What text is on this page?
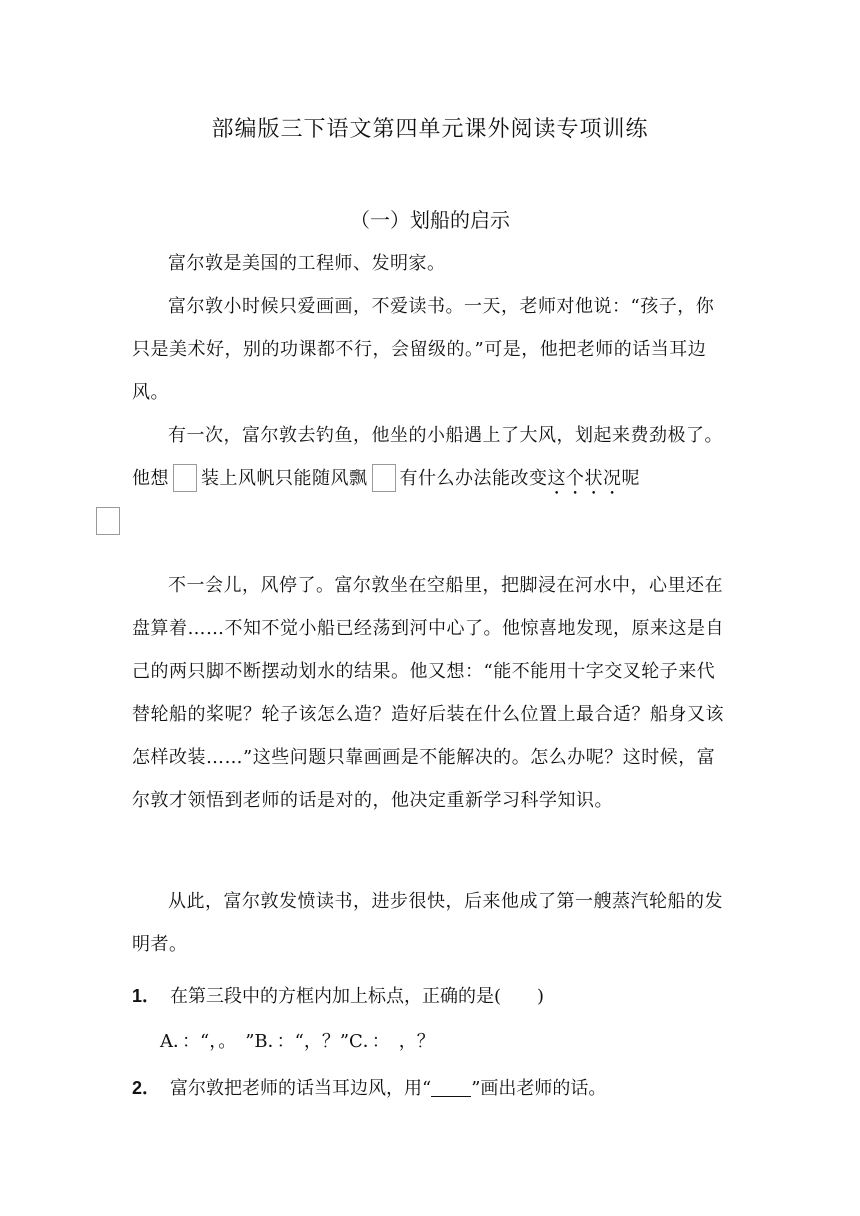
部编版三下语文第四单元课外阅读专项训练
（一）划船的启示

富尔敦是美国的工程师、发明家。

富尔敦小时候只爱画画，不爱读书。一天，老师对他说：“孩子，你只是美术好，别的功课都不行，会留级的。”可是，他把老师的话当耳边风。

有一次，富尔敦去钓鱼，他坐的小船遇上了大风，划起来费劲极了。他想 装上风帆只能随风飘 有什么办法能改变这个状况呢

不一会儿，风停了。富尔敦坐在空船里，把脚浸在河水中，心里还在盘算着……不知不觉小船已经荡到河中心了。他惊喜地发现，原来这是自己的两只脚不断摆动划水的结果。他又想：“能不能用十字交叉轮子来代替轮船的桨呢？轮子该怎么造？造好后装在什么位置上最合适？船身又该怎样改装……”这些问题只靠画画是不能解决的。怎么办呢？这时候，富尔敦才领悟到老师的话是对的，他决定重新学习科学知识。

从此，富尔敦发愤读书，进步很快，后来他成了第一艘蒸汽轮船的发明者。

1． 在第三段中的方框内加上标点，正确的是(　　)
A．：“，。　”B．：“，？”C．：　，？
2． 富尔敦把老师的话当耳边风，用“ ”画出老师的话。
